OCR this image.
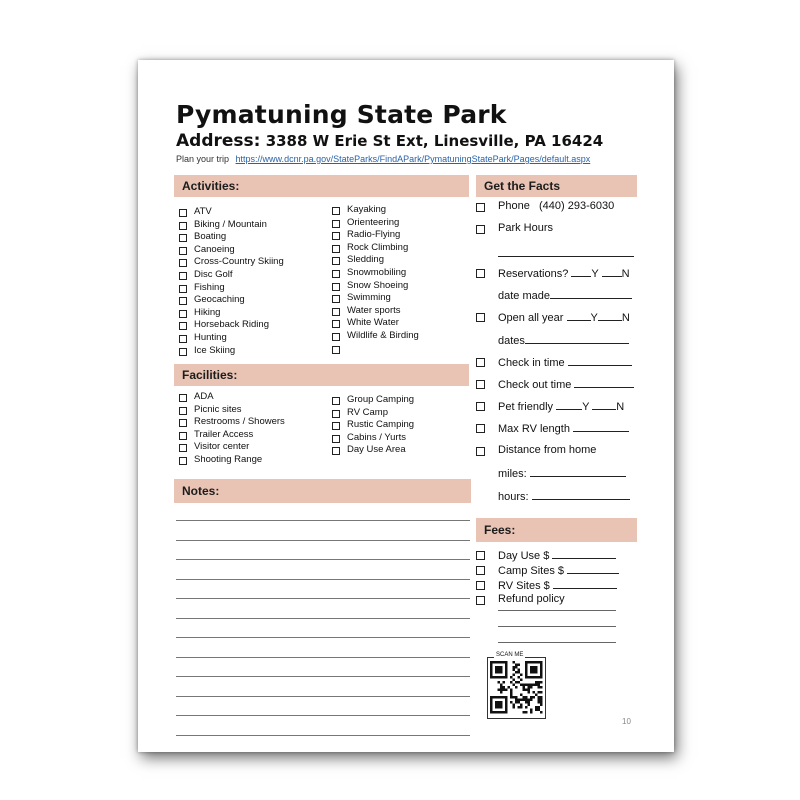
Pymatuning State Park
Address: 3388 W Erie St Ext, Linesville, PA 16424
Plan your trip https://www.dcnr.pa.gov/StateParks/FindAPark/PymatuningStatePark/Pages/default.aspx
Activities:
ATV
Biking / Mountain
Boating
Canoeing
Cross-Country Skiing
Disc Golf
Fishing
Geocaching
Hiking
Horseback Riding
Hunting
Ice Skiing
Kayaking
Orienteering
Radio-Flying
Rock Climbing
Sledding
Snowmobiling
Snow Shoeing
Swimming
Water sports
White Water
Wildlife & Birding
Facilities:
ADA
Picnic sites
Restrooms / Showers
Trailer Access
Visitor center
Shooting Range
Group Camping
RV Camp
Rustic Camping
Cabins / Yurts
Day Use Area
Notes:
Get the Facts
Phone (440) 293-6030
Park Hours
Reservations? Y N
date made
Open all year Y N
dates
Check in time
Check out time
Pet friendly	Y N
Max RV length
Distance from home
miles:
hours:
Fees:
Day Use $
Camp Sites $
RV Sites $
Refund policy
SCAN ME
10
